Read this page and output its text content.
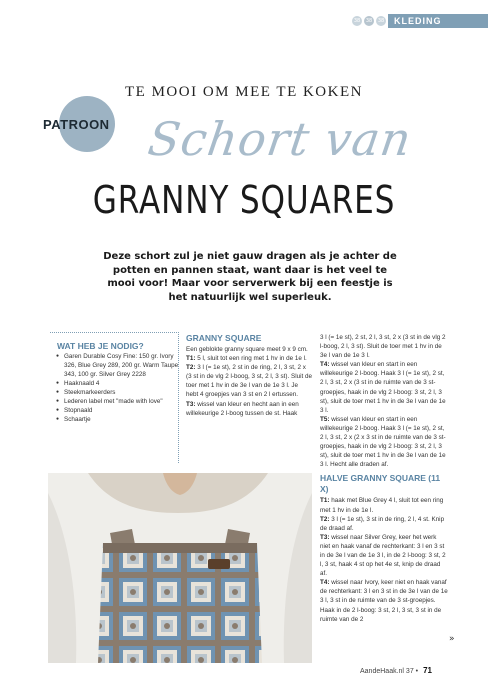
38	38	38	KLEDING
TE MOOI OM MEE TE KOKEN
PATROON Schort van
GRANNY SQUARES
Deze schort zul je niet gauw dragen als je achter de potten en pannen staat, want daar is het veel te mooi voor! Maar voor serverwerk bij een feestje is het natuurlijk wel superleuk.
WAT HEB JE NODIG?
● Garen Durable Cosy Fine: 150 gr. Ivory 326, Blue Grey 289, 200 gr. Warm Taupe 343, 100 gr. Silver Grey 2228
● Haaknaald 4
● Steekmarkeerders
● Lederen label met "made with love"
● Stopnaald
● Schaartje
GRANNY SQUARE

Een geblokte granny square meet 9 x 9 cm.

T1: 5 l, sluit tot een ring met 1 hv in de 1e l.

T2: 3 l (= 1e st), 2 st in de ring, 2 l, 3 st, 2 x (3 st in de vlg 2 l-boog, 3 st, 2 l, 3 st). Sluit de toer met 1 hv in de 3e l van de 1e 3 l. Je hebt 4 groepjes van 3 st en 2 l ertussen.

T3: wissel van kleur en hecht aan in een willekeurige 2 l-boog tussen de st. Haak

3 l (= 1e st), 2 st, 2 l, 3 st, 2 x (3 st in de vlg 2 l-boog, 2 l, 3 st). Sluit de toer met 1 hv in de 3e l van de 1e 3 l.

T4: wissel van kleur en start in een willekeurige 2 l-boog. Haak 3 l (= 1e st), 2 st, 2 l, 3 st, 2 x (3 st in de ruimte van de 3 st-groepjes, haak in de vlg 2 l-boog: 3 st, 2 l, 3 st), sluit de toer met 1 hv in de 3e l van de 1e 3 l.

T5: wissel van kleur en start in een willekeurige 2 l-boog. Haak 3 l (= 1e st), 2 st, 2 l, 3 st, 2 x (2 x 3 st in de ruimte van de 3 st-groepjes, haak in de vlg 2 l-boog: 3 st, 2 l, 3 st), sluit de toer met 1 hv in de 3e l van de 1e 3 l. Hecht alle draden af.

HALVE GRANNY SQUARE (11 X)

T1: haak met Blue Grey 4 l, sluit tot een ring met 1 hv in de 1e l.

T2: 3 l (= 1e st), 3 st in de ring, 2 l, 4 st. Knip de draad af.

T3: wissel naar Silver Grey, keer het werk niet en haak vanaf de rechterkant: 3 l en 3 st in de 3e l van de 1e 3 l, in de 2 l-boog: 3 st, 2 l, 3 st, haak 4 st op het 4e st, knip de draad af.

T4: wissel naar Ivory, keer niet en haak vanaf de rechterkant: 3 l en 3 st in de 3e l van de 1e 3 l, 3 st in de ruimte van de 3 st-groepjes. Haak in de 2 l-boog: 3 st, 2 l, 3 st, 3 st in de ruimte van de 2

»
AandeHaak.nl 37 • 71
